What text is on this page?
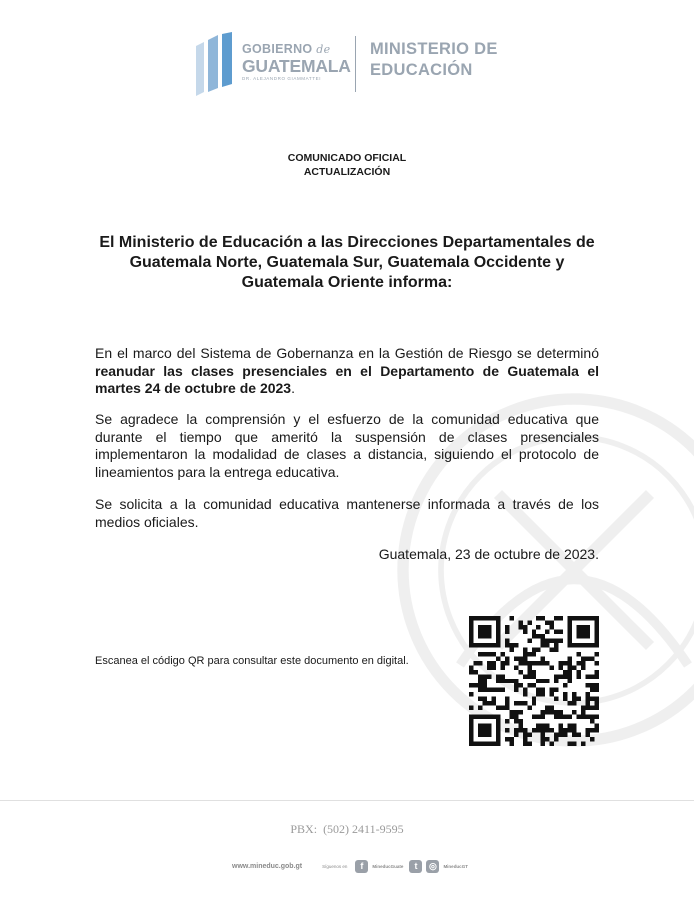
GOBIERNO de
GUATEMALA
DR. ALEJANDRO GIAMMATTEI
MINISTERIO DE
EDUCACIÓN
COMUNICADO OFICIAL
ACTUALIZACIÓN
El Ministerio de Educación a las Direcciones Departamentales de Guatemala Norte, Guatemala Sur, Guatemala Occidente y Guatemala Oriente informa:
En el marco del Sistema de Gobernanza en la Gestión de Riesgo se determinó reanudar las clases presenciales en el Departamento de Guatemala el martes 24 de octubre de 2023.
Se agradece la comprensión y el esfuerzo de la comunidad educativa que durante el tiempo que ameritó la suspensión de clases presenciales implementaron la modalidad de clases a distancia, siguiendo el protocolo de lineamientos para la entrega educativa.
Se solicita a la comunidad educativa mantenerse informada a través de los medios oficiales.
Guatemala, 23 de octubre de 2023.
Escanea el código QR para consultar este documento en digital.
PBX: (502) 2411-9595
www.mineduc.gob.gt	Síguenos en	f	MineducGuate	t	◎	MineducGT
